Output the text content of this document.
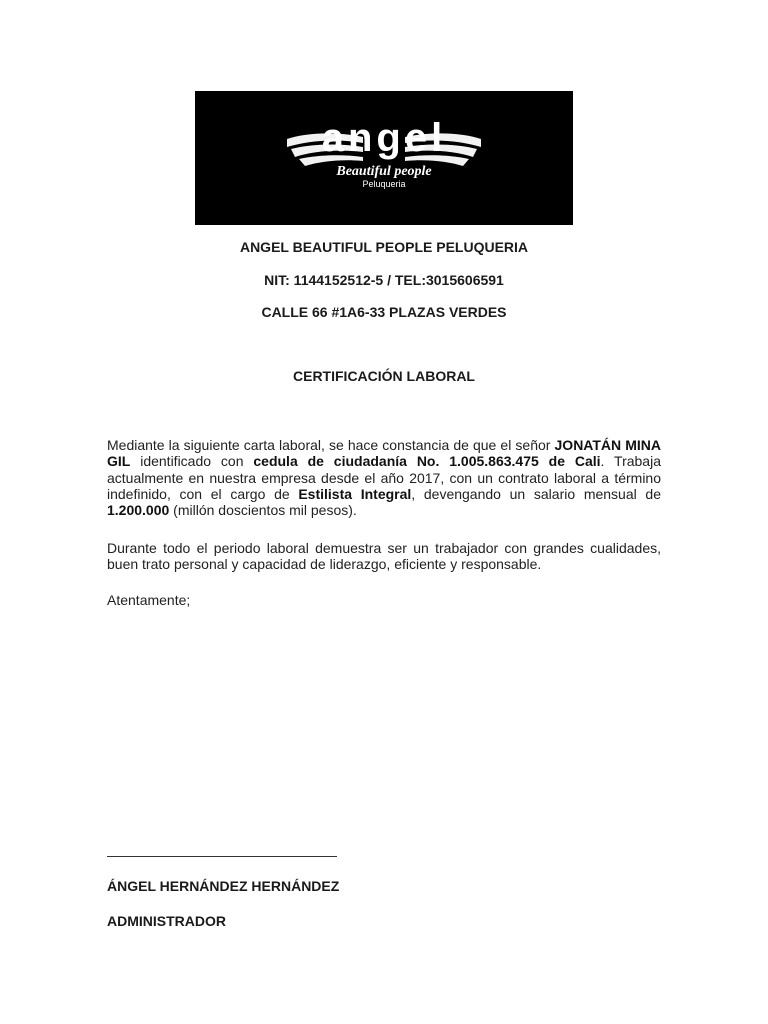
angel
Beautiful people
Peluqueria
ANGEL BEAUTIFUL PEOPLE PELUQUERIA
NIT: 1144152512-5 / TEL:3015606591
CALLE 66 #1A6-33 PLAZAS VERDES
CERTIFICACIÓN LABORAL
Mediante la siguiente carta laboral, se hace constancia de que el señor JONATÁN MINA GIL identificado con cedula de ciudadanía No. 1.005.863.475 de Cali. Trabaja actualmente en nuestra empresa desde el año 2017, con un contrato laboral a término indefinido, con el cargo de Estilista Integral, devengando un salario mensual de 1.200.000 (millón doscientos mil pesos).
Durante todo el periodo laboral demuestra ser un trabajador con grandes cualidades, buen trato personal y capacidad de liderazgo, eficiente y responsable.
Atentamente;
ÁNGEL HERNÁNDEZ HERNÁNDEZ
ADMINISTRADOR
